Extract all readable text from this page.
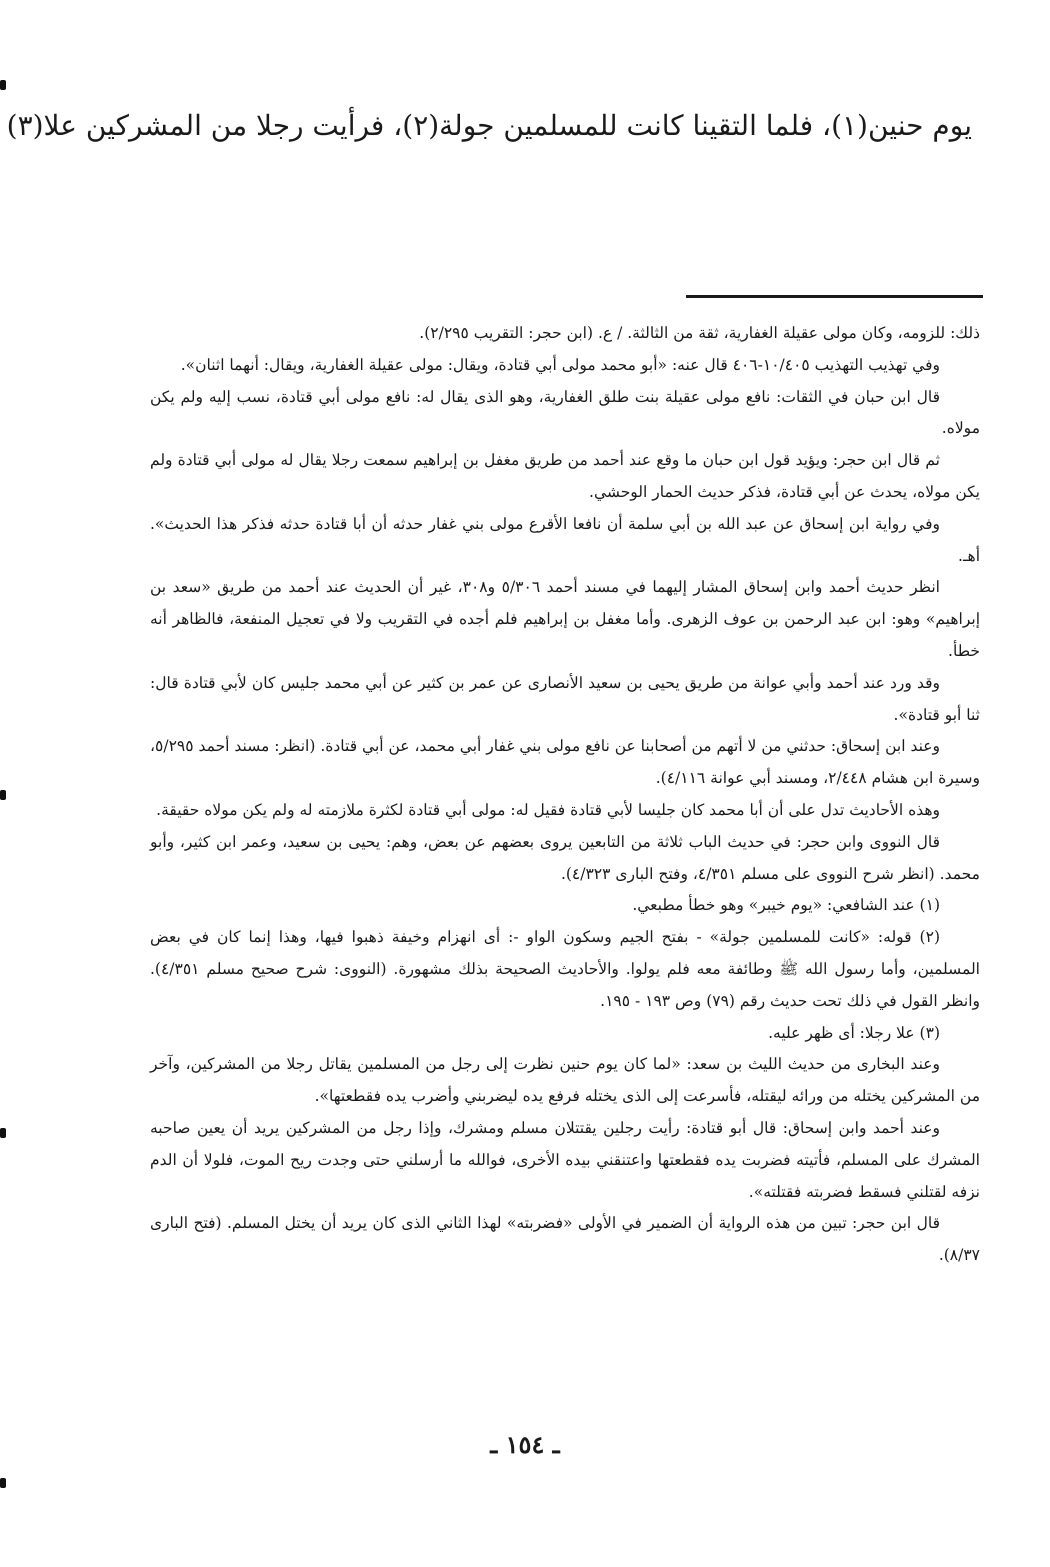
يوم حنين(١)، فلما التقينا كانت للمسلمين جولة(٢)، فرأيت رجلا من المشركين علا(٣)

ذلك: للزومه، وكان مولى عقيلة الغفارية، ثقة من الثالثة. / ع. (ابن حجر: التقريب ٢/٢٩٥).

وفي تهذيب التهذيب ١٠/٤٠٥-٤٠٦ قال عنه: «أبو محمد مولى أبي قتادة، ويقال: مولى عقيلة الغفارية، ويقال: أنهما اثنان».

قال ابن حبان في الثقات: نافع مولى عقيلة بنت طلق الغفارية، وهو الذى يقال له: نافع مولى أبي قتادة، نسب إليه ولم يكن مولاه.

ثم قال ابن حجر: ويؤيد قول ابن حبان ما وقع عند أحمد من طريق مغفل بن إبراهيم سمعت رجلا يقال له مولى أبي قتادة ولم يكن مولاه، يحدث عن أبي قتادة، فذكر حديث الحمار الوحشي.

وفي رواية ابن إسحاق عن عبد الله بن أبي سلمة أن نافعا الأقرع مولى بني غفار حدثه أن أبا قتادة حدثه فذكر هذا الحديث». أهـ.

انظر حديث أحمد وابن إسحاق المشار إليهما في مسند أحمد ٥/٣٠٦ و٣٠٨، غير أن الحديث عند أحمد من طريق «سعد بن إبراهيم» وهو: ابن عبد الرحمن بن عوف الزهرى. وأما مغفل بن إبراهيم فلم أجده في التقريب ولا في تعجيل المنفعة، فالظاهر أنه خطأ.

وقد ورد عند أحمد وأبي عوانة من طريق يحيى بن سعيد الأنصارى عن عمر بن كثير عن أبي محمد جليس كان لأبي قتادة قال: ثنا أبو قتادة».

وعند ابن إسحاق: حدثني من لا أتهم من أصحابنا عن نافع مولى بني غفار أبي محمد، عن أبي قتادة. (انظر: مسند أحمد ٥/٢٩٥، وسيرة ابن هشام ٢/٤٤٨، ومسند أبي عوانة ٤/١١٦).

وهذه الأحاديث تدل على أن أبا محمد كان جليسا لأبي قتادة فقيل له: مولى أبي قتادة لكثرة ملازمته له ولم يكن مولاه حقيقة.

قال النووى وابن حجر: في حديث الباب ثلاثة من التابعين يروى بعضهم عن بعض، وهم: يحيى بن سعيد، وعمر ابن كثير، وأبو محمد. (انظر شرح النووى على مسلم ٤/٣٥١، وفتح البارى ٤/٣٢٣).

(١) عند الشافعي: «يوم خيبر» وهو خطأ مطبعي.

(٢) قوله: «كانت للمسلمين جولة» - بفتح الجيم وسكون الواو -: أى انهزام وخيفة ذهبوا فيها، وهذا إنما كان في بعض المسلمين، وأما رسول الله ﷺ وطائفة معه فلم يولوا. والأحاديث الصحيحة بذلك مشهورة. (النووى: شرح صحيح مسلم ٤/٣٥١). وانظر القول في ذلك تحت حديث رقم (٧٩) وص ١٩٣ - ١٩٥.

(٣) علا رجلا: أى ظهر عليه.

وعند البخارى من حديث الليث بن سعد: «لما كان يوم حنين نظرت إلى رجل من المسلمين يقاتل رجلا من المشركين، وآخر من المشركين يختله من ورائه ليقتله، فأسرعت إلى الذى يختله فرفع يده ليضربني وأضرب يده فقطعتها».

وعند أحمد وابن إسحاق: قال أبو قتادة: رأيت رجلين يقتتلان مسلم ومشرك، وإذا رجل من المشركين يريد أن يعين صاحبه المشرك على المسلم، فأتيته فضربت يده فقطعتها واعتنقني بيده الأخرى، فوالله ما أرسلني حتى وجدت ريح الموت، فلولا أن الدم نزفه لقتلني فسقط فضربته فقتلته».

قال ابن حجر: تبين من هذه الرواية أن الضمير في الأولى «فضربته» لهذا الثاني الذى كان يريد أن يختل المسلم. (فتح البارى ٨/٣٧).

ـ ١٥٤ ـ
